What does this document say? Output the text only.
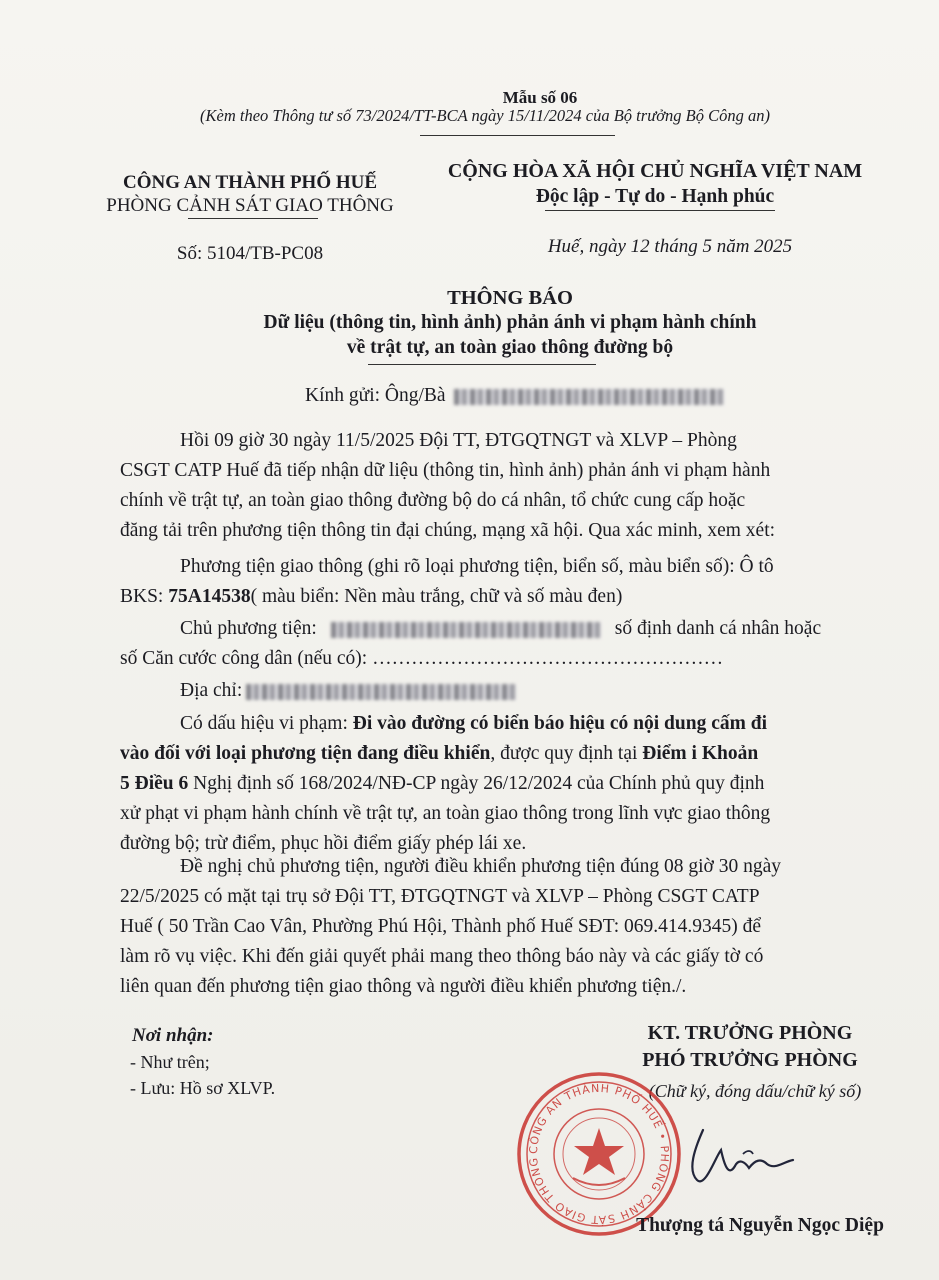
Mẫu số 06
(Kèm theo Thông tư số 73/2024/TT-BCA ngày 15/11/2024 của Bộ trưởng Bộ Công an)
CÔNG AN THÀNH PHỐ HUẾ
PHÒNG CẢNH SÁT GIAO THÔNG
Số: 5104/TB-PC08
CỘNG HÒA XÃ HỘI CHỦ NGHĨA VIỆT NAM
Độc lập - Tự do - Hạnh phúc
Huế, ngày 12 tháng 5 năm 2025
THÔNG BÁO
Dữ liệu (thông tin, hình ảnh) phản ánh vi phạm hành chính
về trật tự, an toàn giao thông đường bộ
Kính gửi: Ông/Bà
Hồi 09 giờ 30 ngày 11/5/2025 Đội TT, ĐTGQTNGT và XLVP – Phòng
CSGT CATP Huế đã tiếp nhận dữ liệu (thông tin, hình ảnh) phản ánh vi phạm hành
chính về trật tự, an toàn giao thông đường bộ do cá nhân, tổ chức cung cấp hoặc
đăng tải trên phương tiện thông tin đại chúng, mạng xã hội. Qua xác minh, xem xét:
Phương tiện giao thông (ghi rõ loại phương tiện, biển số, màu biển số): Ô tô
BKS: 75A14538( màu biển: Nền màu trắng, chữ và số màu đen)
Chủ phương tiện:	số định danh cá nhân hoặc
số Căn cước công dân (nếu có): ………………………………………………
Địa chỉ:
Có dấu hiệu vi phạm: Đi vào đường có biển báo hiệu có nội dung cấm đi
vào đối với loại phương tiện đang điều khiển, được quy định tại Điểm i Khoản
5 Điều 6 Nghị định số 168/2024/NĐ-CP ngày 26/12/2024 của Chính phủ quy định
xử phạt vi phạm hành chính về trật tự, an toàn giao thông trong lĩnh vực giao thông
đường bộ; trừ điểm, phục hồi điểm giấy phép lái xe.
Đề nghị chủ phương tiện, người điều khiển phương tiện đúng 08 giờ 30 ngày
22/5/2025 có mặt tại trụ sở Đội TT, ĐTGQTNGT và XLVP – Phòng CSGT CATP
Huế ( 50 Trần Cao Vân, Phường Phú Hội, Thành phố Huế SĐT: 069.414.9345) để
làm rõ vụ việc. Khi đến giải quyết phải mang theo thông báo này và các giấy tờ có
liên quan đến phương tiện giao thông và người điều khiển phương tiện./.
Nơi nhận:
- Như trên;
- Lưu: Hồ sơ XLVP.
KT. TRƯỞNG PHÒNG
PHÓ TRƯỞNG PHÒNG
(Chữ ký, đóng dấu/chữ ký số)
CÔNG AN THÀNH PHỐ HUẾ • PHÒNG CẢNH SÁT GIAO THÔNG
Thượng tá Nguyễn Ngọc Diệp
